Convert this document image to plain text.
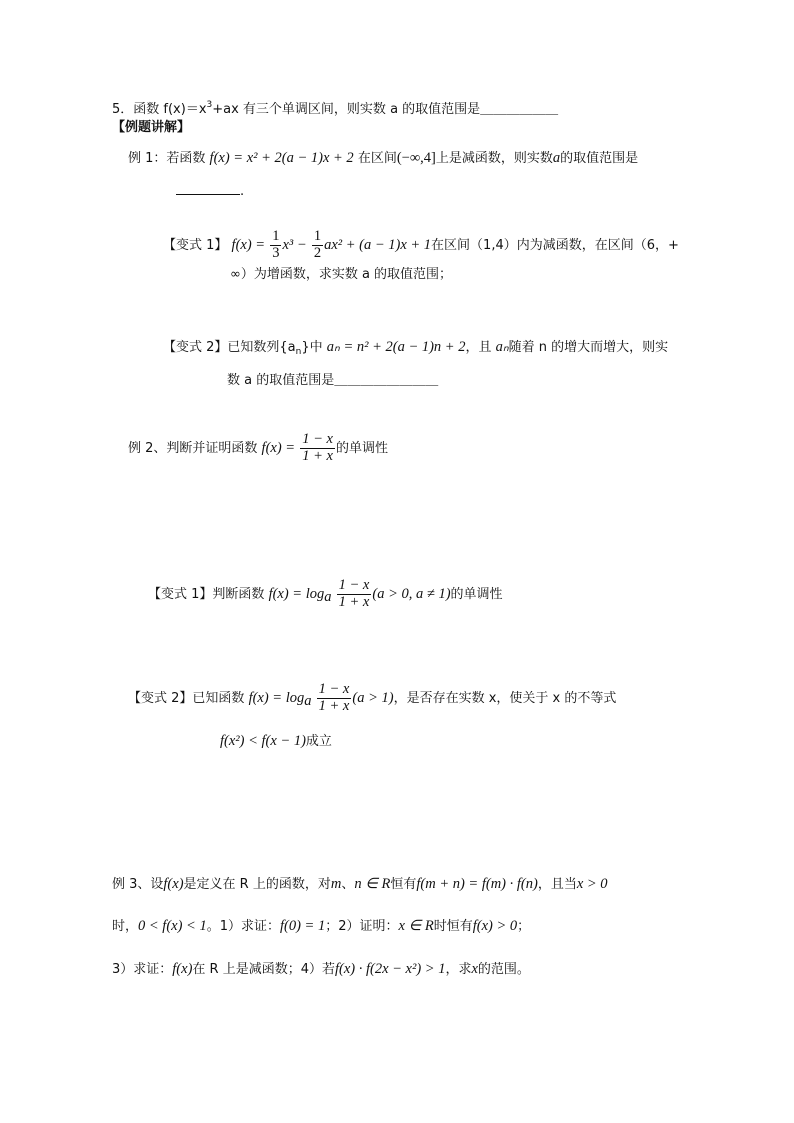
5．函数 $f(x)=x^3+ax$ 有三个单调区间，则实数 a 的取值范围是＿＿＿＿＿＿
【例题讲解】
例 1：若函数 f(x) = x² + 2(a − 1)x + 2 在区间(−∞,4]上是减函数，则实数a的取值范围是
.
【变式 1】 $f(x) = \frac{1}{3} x^3 - \frac{1}{2} ax^2 + (a - 1)x + 1$在区间（1,4）内为减函数，在区间（6，+
∞）为增函数，求实数 a 的取值范围；
【变式 2】已知数列$\{a_n\}$中 aₙ = n² + 2(a − 1)n + 2，且 aₙ随着 n 的增大而增大，则实
数 a 的取值范围是＿＿＿＿＿＿＿＿
例 2、判断并证明函数 $f(x) = \frac{1 - x}{1 + x}$ 的单调性
【变式 1】判断函数 $f(x) = \log_a \frac{1 - x}{1 + x} (a > 0$, a ≠ 1)的单调性
【变式 2】已知函数 $f(x) = \log_a \frac{1 - x}{1 + x} (a > 1)$，是否存在实数 x，使关于 x 的不等式
f(x²) < f(x − 1)成立
例 3、设f(x)是定义在 R 上的函数，对m、n ∈ R恒有f(m + n) = f(m) · f(n)，且当x > 0
时，0 < f(x) < 1。1）求证：f(0) = 1；2）证明：x ∈ R时恒有f(x) > 0；
3）求证：f(x)在 R 上是减函数；4）若f(x) · f(2x − x²) > 1，求x的范围。
